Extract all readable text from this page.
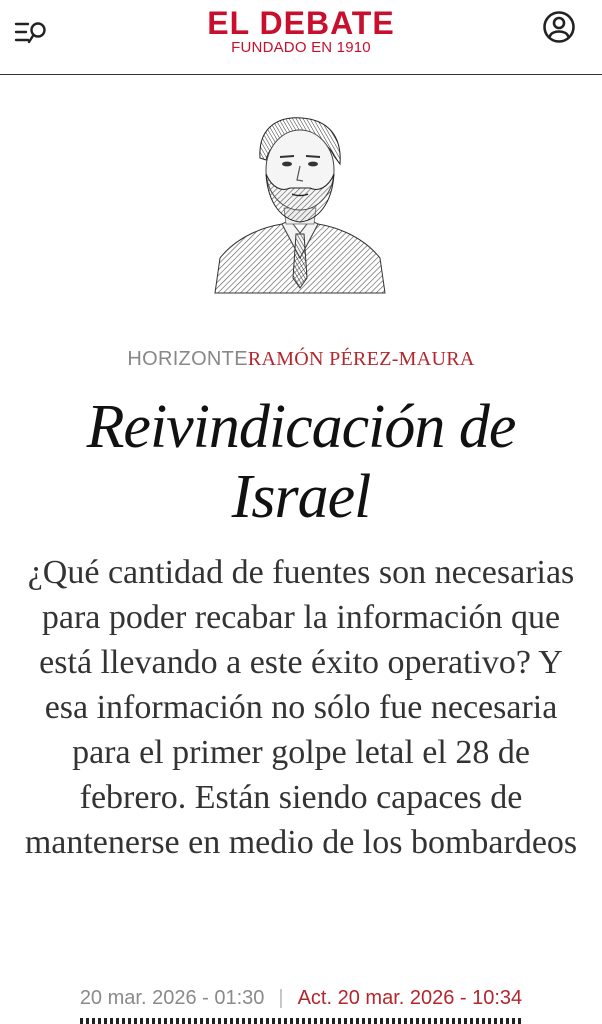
EL DEBATE
FUNDADO EN 1910
HORIZONTERAMÓN PÉREZ-MAURA
Reivindicación de Israel

¿Qué cantidad de fuentes son necesarias para poder recabar la información que está llevando a este éxito operativo? Y esa información no sólo fue necesaria para el primer golpe letal el 28 de febrero. Están siendo capaces de mantenerse en medio de los bombardeos

20 mar. 2026 - 01:30 | Act. 20 mar. 2026 - 10:34
